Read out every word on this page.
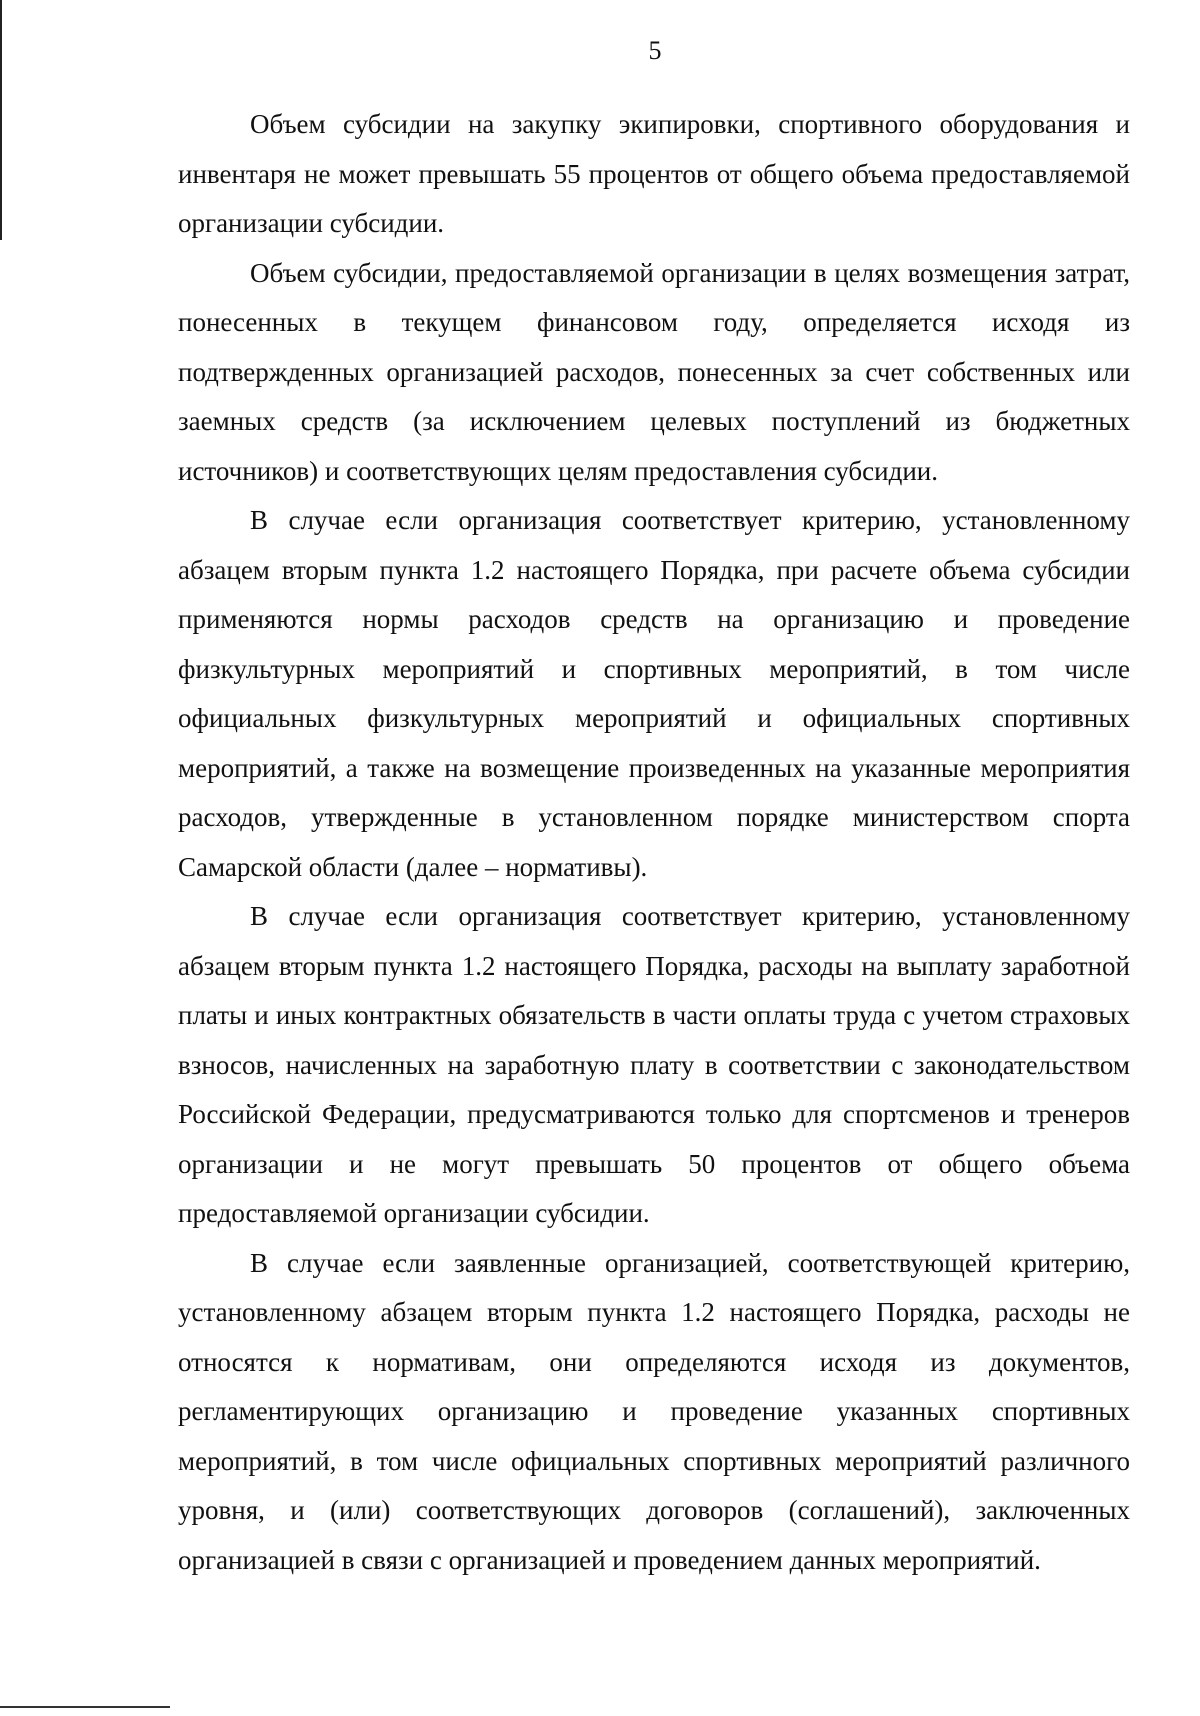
5

Объем субсидии на закупку экипировки, спортивного оборудования и инвентаря не может превышать 55 процентов от общего объема предоставляемой организации субсидии.

Объем субсидии, предоставляемой организации в целях возмещения затрат, понесенных в текущем финансовом году, определяется исходя из подтвержденных организацией расходов, понесенных за счет собственных или заемных средств (за исключением целевых поступлений из бюджетных источников) и соответствующих целям предоставления субсидии.

В случае если организация соответствует критерию, установленному абзацем вторым пункта 1.2 настоящего Порядка, при расчете объема субсидии применяются нормы расходов средств на организацию и проведение физкультурных мероприятий и спортивных мероприятий, в том числе официальных физкультурных мероприятий и официальных спортивных мероприятий, а также на возмещение произведенных на указанные мероприятия расходов, утвержденные в установленном порядке министерством спорта Самарской области (далее – нормативы).

В случае если организация соответствует критерию, установленному абзацем вторым пункта 1.2 настоящего Порядка, расходы на выплату заработной платы и иных контрактных обязательств в части оплаты труда с учетом страховых взносов, начисленных на заработную плату в соответствии с законодательством Российской Федерации, предусматриваются только для спортсменов и тренеров организации и не могут превышать 50 процентов от общего объема предоставляемой организации субсидии.

В случае если заявленные организацией, соответствующей критерию, установленному абзацем вторым пункта 1.2 настоящего Порядка, расходы не относятся к нормативам, они определяются исходя из документов, регламентирующих организацию и проведение указанных спортивных мероприятий, в том числе официальных спортивных мероприятий различного уровня, и (или) соответствующих договоров (соглашений), заключенных организацией в связи с организацией и проведением данных мероприятий.
